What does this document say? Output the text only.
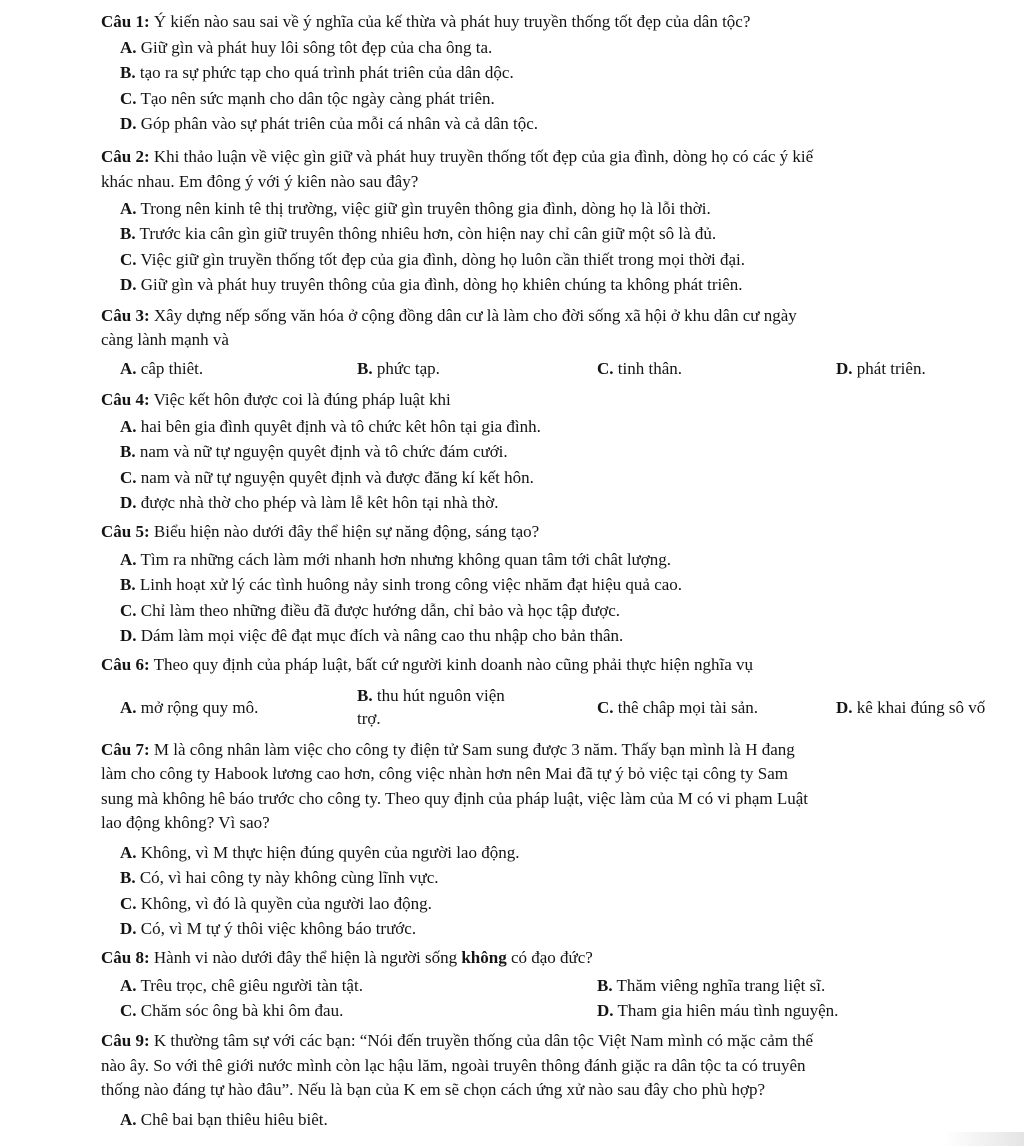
Câu 1: Ý kiến nào sau sai về ý nghĩa của kế thừa và phát huy truyền thống tốt đẹp của dân tộc?
A. Giữ gìn và phát huy lôi sông tôt đẹp của cha ông ta.
B. tạo ra sự phức tạp cho quá trình phát triên của dân dộc.
C. Tạo nên sức mạnh cho dân tộc ngày càng phát triên.
D. Góp phân vào sự phát triên của mỗi cá nhân và cả dân tộc.
Câu 2: Khi thảo luận về việc gìn giữ và phát huy truyền thống tốt đẹp của gia đình, dòng họ có các ý kiế
khác nhau. Em đông ý với ý kiên nào sau đây?
A. Trong nên kinh tê thị trường, việc giữ gìn truyên thông gia đình, dòng họ là lỗi thời.
B. Trước kia cân gìn giữ truyên thông nhiêu hơn, còn hiện nay chỉ cân giữ một sô là đủ.
C. Việc giữ gìn truyền thống tốt đẹp của gia đình, dòng họ luôn cần thiết trong mọi thời đại.
D. Giữ gìn và phát huy truyên thông của gia đình, dòng họ khiên chúng ta không phát triên.
Câu 3: Xây dựng nếp sống văn hóa ở cộng đồng dân cư là làm cho đời sống xã hội ở khu dân cư ngày
càng lành mạnh và
A. câp thiêt.	B. phức tạp.	C. tinh thân.	D. phát triên.
Câu 4: Việc kết hôn được coi là đúng pháp luật khi
A. hai bên gia đình quyêt định và tô chức kêt hôn tại gia đình.
B. nam và nữ tự nguyện quyêt định và tô chức đám cưới.
C. nam và nữ tự nguyện quyêt định và được đăng kí kết hôn.
D. được nhà thờ cho phép và làm lễ kêt hôn tại nhà thờ.
Câu 5: Biểu hiện nào dưới đây thể hiện sự năng động, sáng tạo?
A. Tìm ra những cách làm mới nhanh hơn nhưng không quan tâm tới chât lượng.
B. Linh hoạt xử lý các tình huông nảy sinh trong công việc nhăm đạt hiệu quả cao.
C. Chỉ làm theo những điều đã được hướng dẫn, chỉ bảo và học tập được.
D. Dám làm mọi việc đê đạt mục đích và nâng cao thu nhập cho bản thân.
Câu 6: Theo quy định của pháp luật, bất cứ người kinh doanh nào cũng phải thực hiện nghĩa vụ
A. mở rộng quy mô.
B. thu hút nguôn viện
trợ.
C. thê châp mọi tài sản.	D. kê khai đúng sô vố
Câu 7: M là công nhân làm việc cho công ty điện tử Sam sung được 3 năm. Thấy bạn mình là H đang
làm cho công ty Habook lương cao hơn, công việc nhàn hơn nên Mai đã tự ý bỏ việc tại công ty Sam
sung mà không hê báo trước cho công ty. Theo quy định của pháp luật, việc làm của M có vi phạm Luật
lao động không? Vì sao?
A. Không, vì M thực hiện đúng quyên của người lao động.
B. Có, vì hai công ty này không cùng lĩnh vực.
C. Không, vì đó là quyền của người lao động.
D. Có, vì M tự ý thôi việc không báo trước.
Câu 8: Hành vi nào dưới đây thể hiện là người sống không có đạo đức?
A. Trêu trọc, chê giêu người tàn tật.	B. Thăm viêng nghĩa trang liệt sĩ.
C. Chăm sóc ông bà khi ôm đau.	D. Tham gia hiên máu tình nguyện.
Câu 9: K thường tâm sự với các bạn: “Nói đến truyền thống của dân tộc Việt Nam mình có mặc cảm thế
nào ây. So với thê giới nước mình còn lạc hậu lăm, ngoài truyên thông đánh giặc ra dân tộc ta có truyên
thống nào đáng tự hào đâu”. Nếu là bạn của K em sẽ chọn cách ứng xử nào sau đây cho phù hợp?
A. Chê bai bạn thiêu hiêu biêt.
